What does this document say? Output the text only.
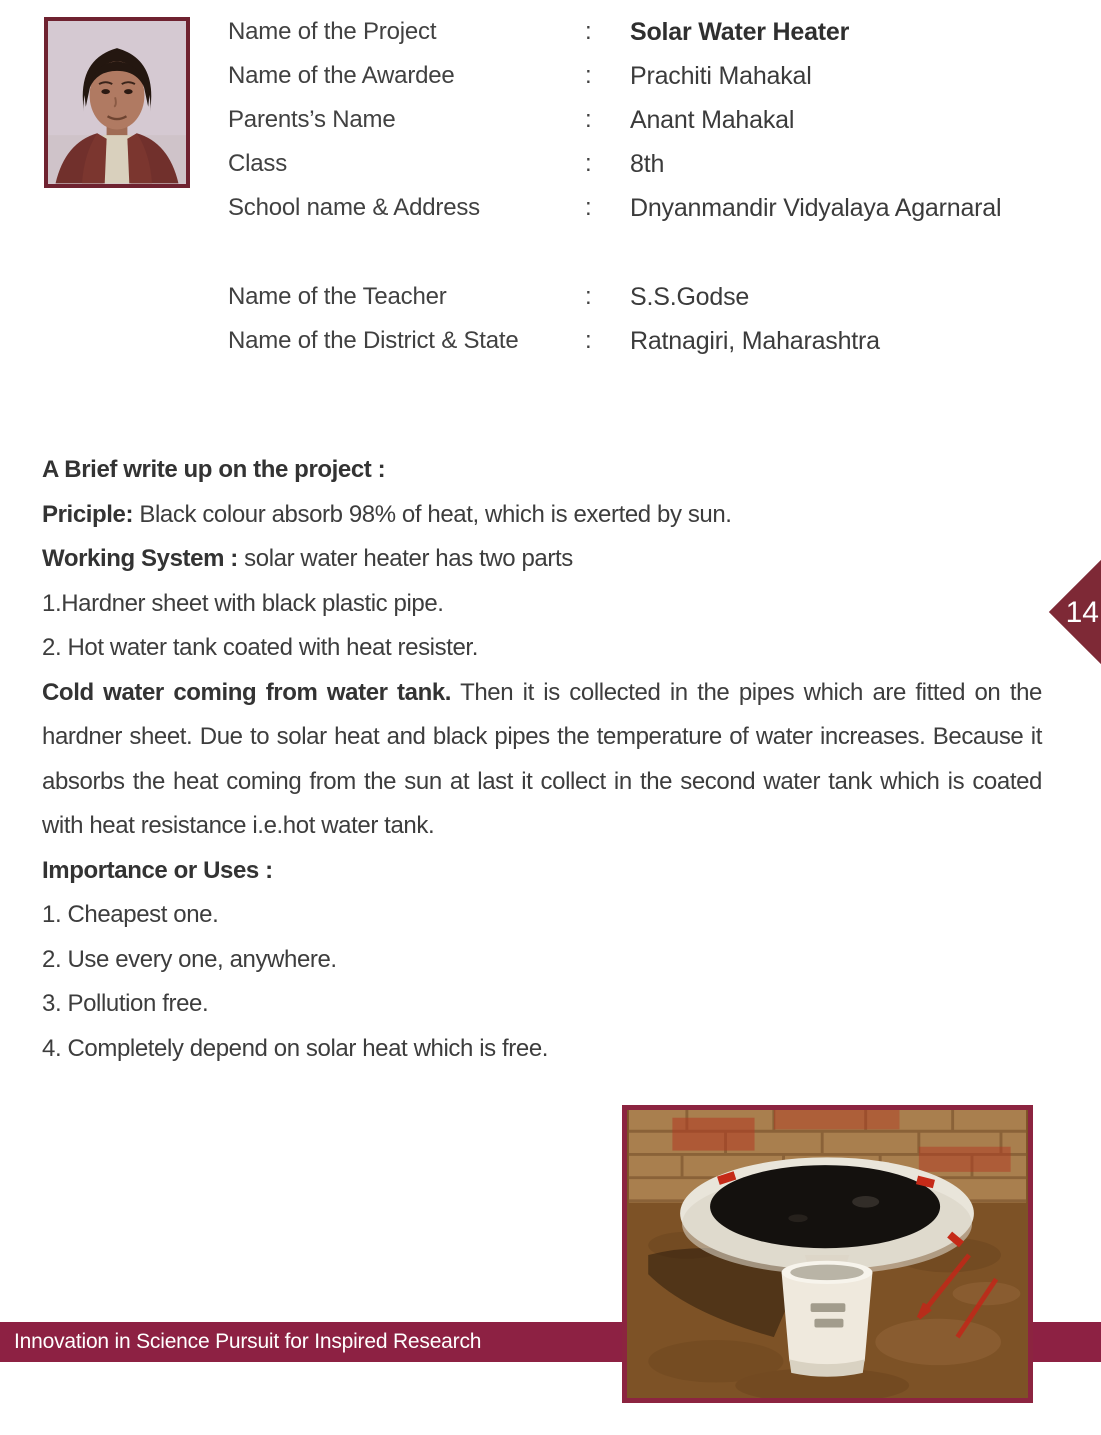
Name of the Project	:	Solar Water Heater
Name of the Awardee	:	Prachiti Mahakal
Parents’s Name	:	Anant Mahakal
Class	:	8th
School name & Address	:	Dnyanmandir Vidyalaya Agarnaral
Name of the Teacher	:	S.S.Godse
Name of the District & State	:	Ratnagiri, Maharashtra

A Brief write up on the project :

Priciple: Black colour absorb 98% of heat, which is exerted by sun.

Working System : solar water heater has two parts

1.Hardner sheet with black plastic pipe.

2. Hot water tank coated with heat resister.

Cold water coming from water tank. Then it is collected in the pipes which are fitted on the hardner sheet. Due to solar heat and black pipes the temperature of water increases. Because it absorbs the heat coming from the sun at last it collect in the second water tank which is coated with heat resistance i.e.hot water tank.

Importance or Uses :

1. Cheapest one.

2. Use every one, anywhere.

3. Pollution free.

4. Completely depend on solar heat which is free.

14
Innovation in Science Pursuit for Inspired Research
